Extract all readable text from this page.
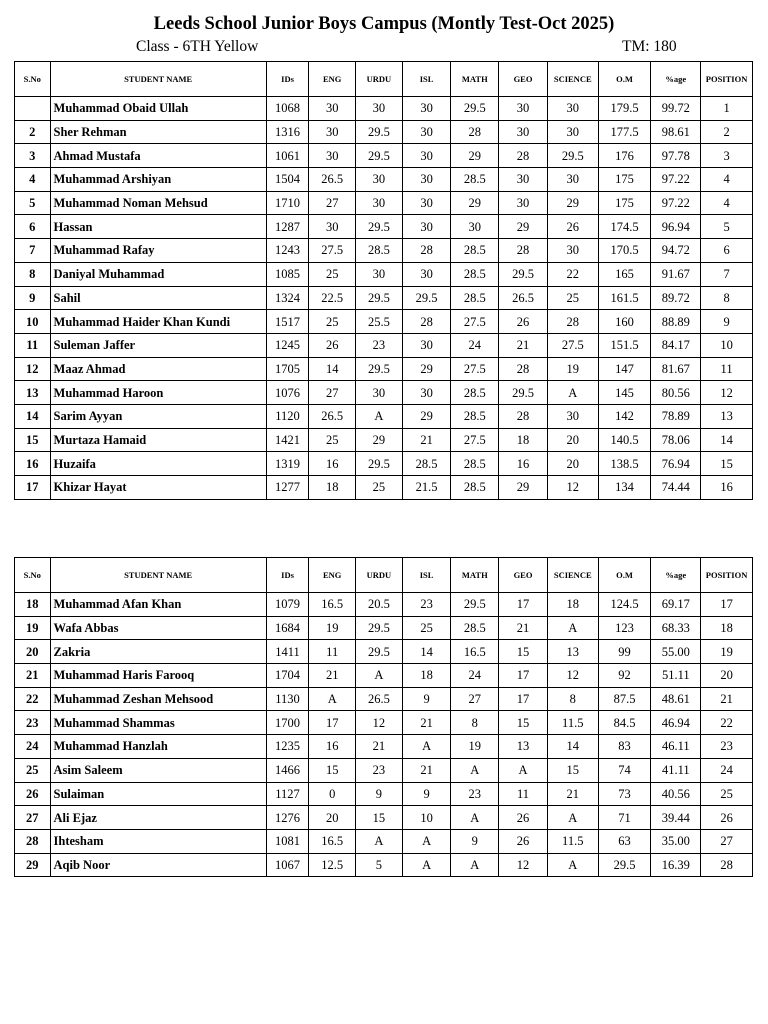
Leeds School Junior Boys Campus (Montly Test-Oct 2025)
Class - 6TH Yellow	TM: 180
S.No	STUDENT NAME	IDs	ENG	URDU	ISL	MATH	GEO	SCIENCE	O.M	%age	POSITION
	Muhammad Obaid Ullah	1068	30	30	30	29.5	30	30	179.5	99.72	1
2	Sher Rehman	1316	30	29.5	30	28	30	30	177.5	98.61	2
3	Ahmad Mustafa	1061	30	29.5	30	29	28	29.5	176	97.78	3
4	Muhammad Arshiyan	1504	26.5	30	30	28.5	30	30	175	97.22	4
5	Muhammad Noman Mehsud	1710	27	30	30	29	30	29	175	97.22	4
6	Hassan	1287	30	29.5	30	30	29	26	174.5	96.94	5
7	Muhammad Rafay	1243	27.5	28.5	28	28.5	28	30	170.5	94.72	6
8	Daniyal Muhammad	1085	25	30	30	28.5	29.5	22	165	91.67	7
9	Sahil	1324	22.5	29.5	29.5	28.5	26.5	25	161.5	89.72	8
10	Muhammad Haider Khan Kundi	1517	25	25.5	28	27.5	26	28	160	88.89	9
11	Suleman Jaffer	1245	26	23	30	24	21	27.5	151.5	84.17	10
12	Maaz Ahmad	1705	14	29.5	29	27.5	28	19	147	81.67	11
13	Muhammad Haroon	1076	27	30	30	28.5	29.5	A	145	80.56	12
14	Sarim Ayyan	1120	26.5	A	29	28.5	28	30	142	78.89	13
15	Murtaza Hamaid	1421	25	29	21	27.5	18	20	140.5	78.06	14
16	Huzaifa	1319	16	29.5	28.5	28.5	16	20	138.5	76.94	15
17	Khizar Hayat	1277	18	25	21.5	28.5	29	12	134	74.44	16
S.No	STUDENT NAME	IDs	ENG	URDU	ISL	MATH	GEO	SCIENCE	O.M	%age	POSITION
18	Muhammad Afan Khan	1079	16.5	20.5	23	29.5	17	18	124.5	69.17	17
19	Wafa Abbas	1684	19	29.5	25	28.5	21	A	123	68.33	18
20	Zakria	1411	11	29.5	14	16.5	15	13	99	55.00	19
21	Muhammad Haris Farooq	1704	21	A	18	24	17	12	92	51.11	20
22	Muhammad Zeshan Mehsood	1130	A	26.5	9	27	17	8	87.5	48.61	21
23	Muhammad Shammas	1700	17	12	21	8	15	11.5	84.5	46.94	22
24	Muhammad Hanzlah	1235	16	21	A	19	13	14	83	46.11	23
25	Asim Saleem	1466	15	23	21	A	A	15	74	41.11	24
26	Sulaiman	1127	0	9	9	23	11	21	73	40.56	25
27	Ali Ejaz	1276	20	15	10	A	26	A	71	39.44	26
28	Ihtesham	1081	16.5	A	A	9	26	11.5	63	35.00	27
29	Aqib Noor	1067	12.5	5	A	A	12	A	29.5	16.39	28
